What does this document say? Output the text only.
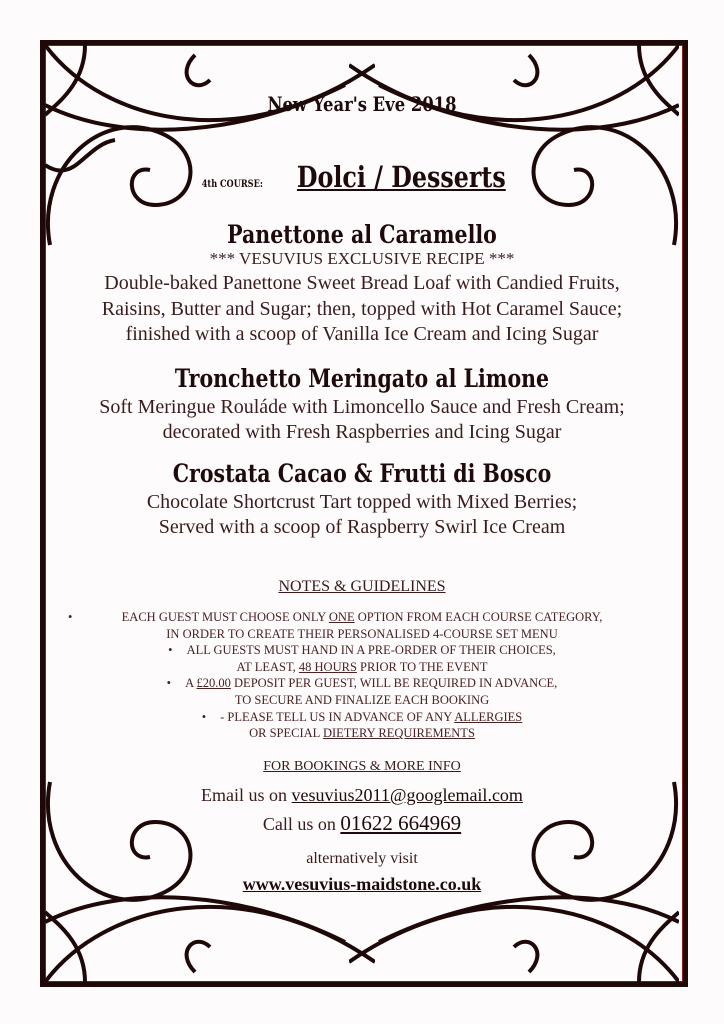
New Year's Eve 2018
4th COURSE: Dolci / Desserts
Panettone al Caramello
*** VESUVIUS EXCLUSIVE RECIPE ***
Double-baked Panettone Sweet Bread Loaf with Candied Fruits,
Raisins, Butter and Sugar; then, topped with Hot Caramel Sauce;
finished with a scoop of Vanilla Ice Cream and Icing Sugar
Tronchetto Meringato al Limone
Soft Meringue Rouláde with Limoncello Sauce and Fresh Cream;
decorated with Fresh Raspberries and Icing Sugar
Crostata Cacao & Frutti di Bosco
Chocolate Shortcrust Tart topped with Mixed Berries;
Served with a scoop of Raspberry Swirl Ice Cream
NOTES & GUIDELINES
•	EACH GUEST MUST CHOOSE ONLY ONE OPTION FROM EACH COURSE CATEGORY,
IN ORDER TO CREATE THEIR PERSONALISED 4-COURSE SET MENU
• ALL GUESTS MUST HAND IN A PRE-ORDER OF THEIR CHOICES,
AT LEAST, 48 HOURS PRIOR TO THE EVENT
• A £20.00 DEPOSIT PER GUEST, WILL BE REQUIRED IN ADVANCE,
TO SECURE AND FINALIZE EACH BOOKING
• - PLEASE TELL US IN ADVANCE OF ANY ALLERGIES
OR SPECIAL DIETERY REQUIREMENTS
FOR BOOKINGS & MORE INFO
Email us on vesuvius2011@googlemail.com
Call us on 01622 664969
alternatively visit
www.vesuvius-maidstone.co.uk
